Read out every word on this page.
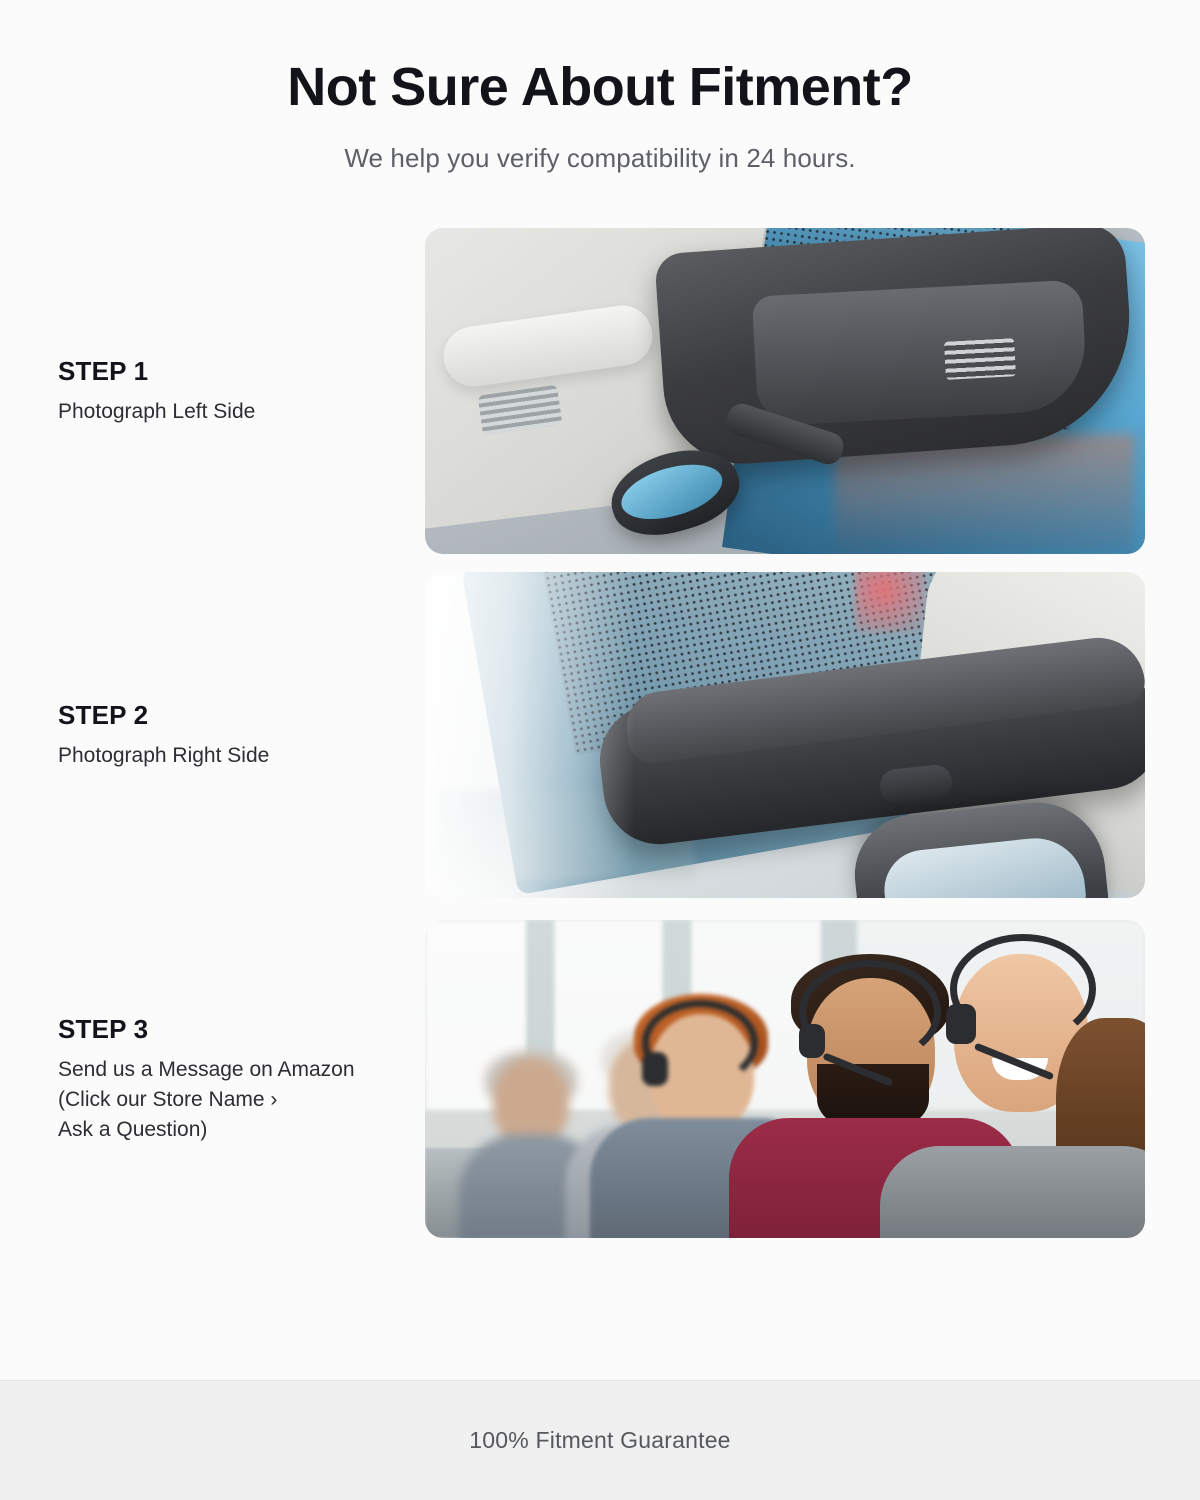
Not Sure About Fitment?

We help you verify compatibility in 24 hours.

STEP 1
Photograph Left Side
STEP 2
Photograph Right Side
STEP 3
Send us a Message on Amazon
(Click our Store Name ›
Ask a Question)
100% Fitment Guarantee
